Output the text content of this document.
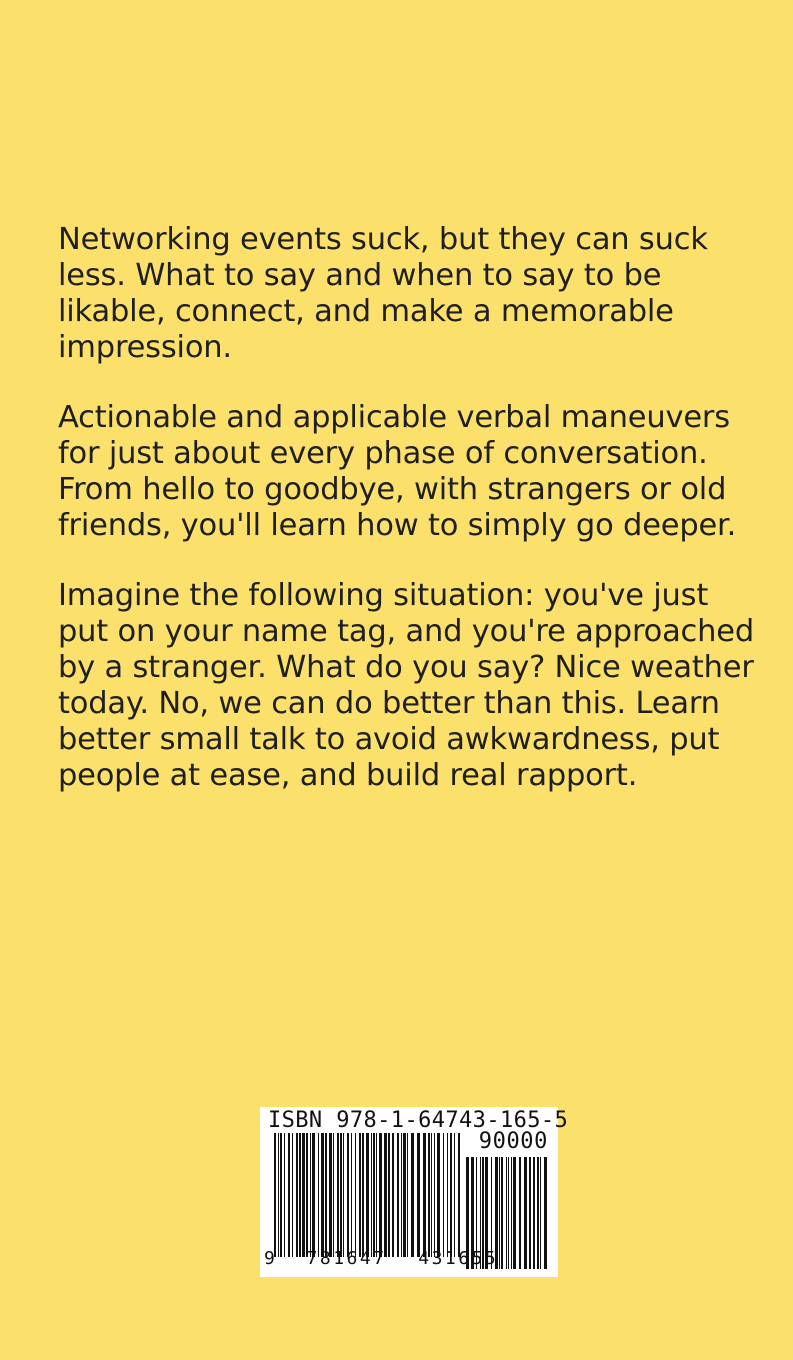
Networking events suck, but they can suck less. What to say and when to say to be likable, connect, and make a memorable impression.

Actionable and applicable verbal maneuvers for just about every phase of conversation. From hello to goodbye, with strangers or old friends, you'll learn how to simply go deeper.

Imagine the following situation: you've just put on your name tag, and you're approached by a stranger. What do you say? Nice weather today. No, we can do better than this. Learn better small talk to avoid awkwardness, put people at ease, and build real rapport.

ISBN 978-1-64743-165-5
90000
9 781647 431655
